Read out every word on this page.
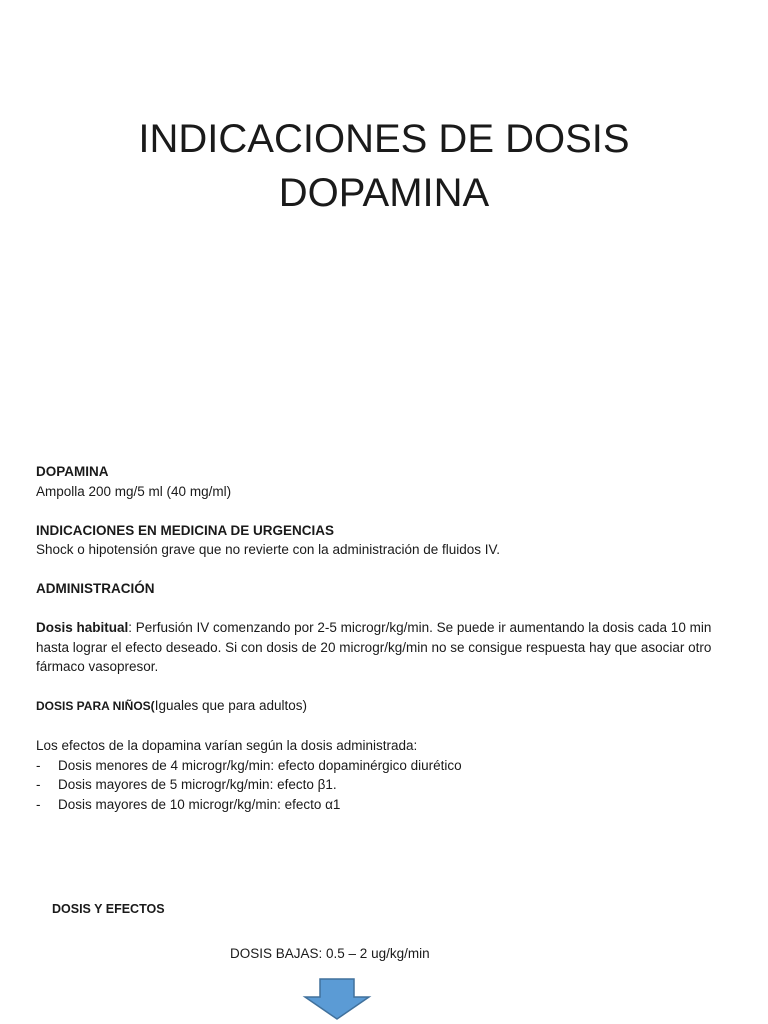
INDICACIONES DE DOSIS
DOPAMINA

DOPAMINA

Ampolla 200 mg/5 ml (40 mg/ml)

INDICACIONES EN MEDICINA DE URGENCIAS

Shock o hipotensión grave que no revierte con la administración de fluidos IV.

ADMINISTRACIÓN

Dosis habitual: Perfusión IV comenzando por 2-5 microgr/kg/min. Se puede ir aumentando la dosis cada 10 min hasta lograr el efecto deseado. Si con dosis de 20 microgr/kg/min no se consigue respuesta hay que asociar otro fármaco vasopresor.

DOSIS PARA NIÑOS(Iguales que para adultos)

Los efectos de la dopamina varían según la dosis administrada:

- Dosis menores de 4 microgr/kg/min: efecto dopaminérgico diurético
- Dosis mayores de 5 microgr/kg/min: efecto β1.
- Dosis mayores de 10 microgr/kg/min: efecto α1
DOSIS Y EFECTOS
DOSIS BAJAS: 0.5 – 2 ug/kg/min
